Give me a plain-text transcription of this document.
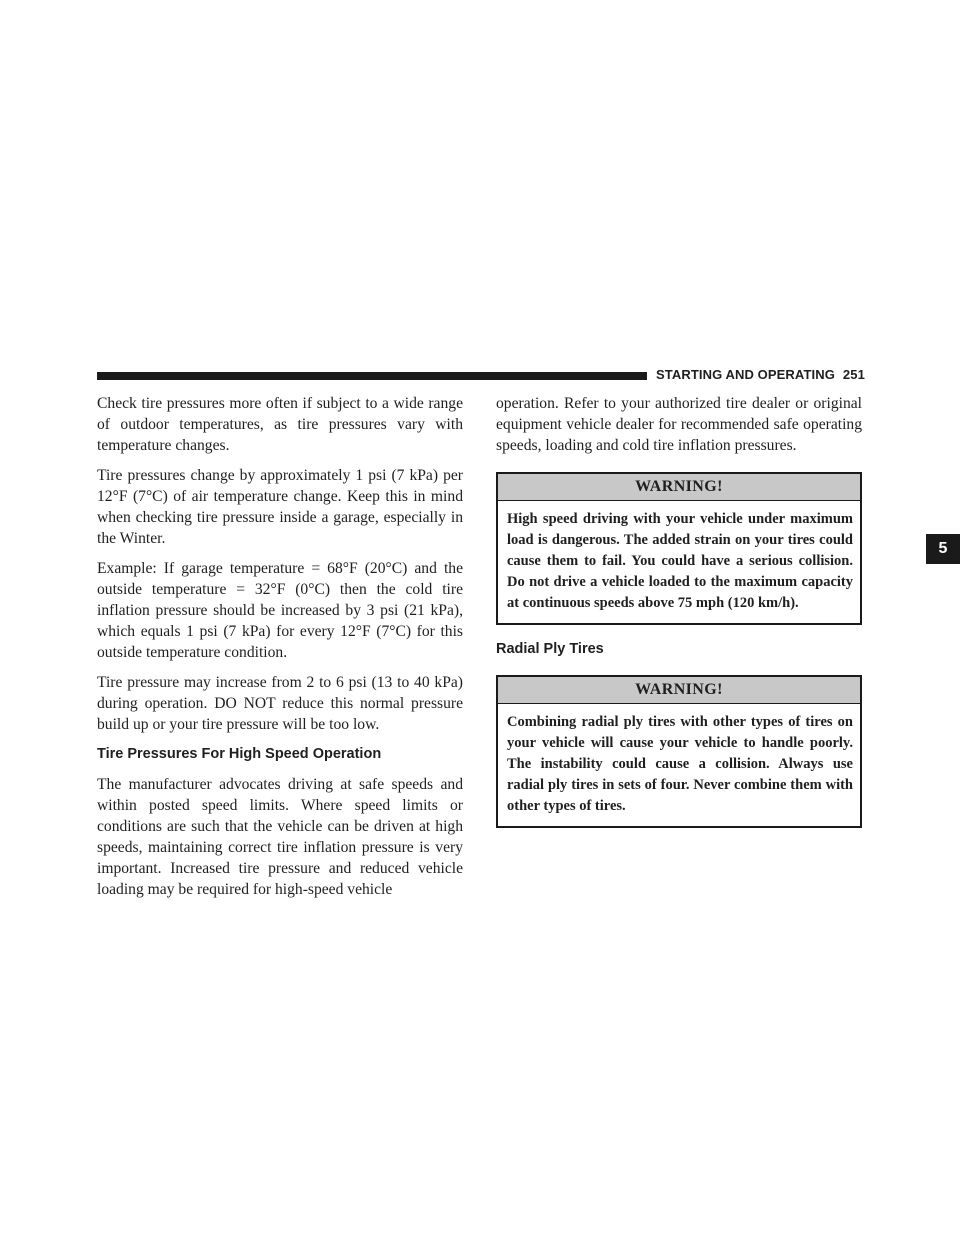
STARTING AND OPERATING 251
5

Check tire pressures more often if subject to a wide range of outdoor temperatures, as tire pressures vary with temperature changes.

Tire pressures change by approximately 1 psi (7 kPa) per 12°F (7°C) of air temperature change. Keep this in mind when checking tire pressure inside a garage, especially in the Winter.

Example: If garage temperature = 68°F (20°C) and the outside temperature = 32°F (0°C) then the cold tire inflation pressure should be increased by 3 psi (21 kPa), which equals 1 psi (7 kPa) for every 12°F (7°C) for this outside temperature condition.

Tire pressure may increase from 2 to 6 psi (13 to 40 kPa) during operation. DO NOT reduce this normal pressure build up or your tire pressure will be too low.

Tire Pressures For High Speed Operation

The manufacturer advocates driving at safe speeds and within posted speed limits. Where speed limits or conditions are such that the vehicle can be driven at high speeds, maintaining correct tire inflation pressure is very important. Increased tire pressure and reduced vehicle loading may be required for high-speed vehicle

operation. Refer to your authorized tire dealer or original equipment vehicle dealer for recommended safe operating speeds, loading and cold tire inflation pressures.

WARNING!
High speed driving with your vehicle under maximum load is dangerous. The added strain on your tires could cause them to fail. You could have a serious collision. Do not drive a vehicle loaded to the maximum capacity at continuous speeds above 75 mph (120 km/h).
Radial Ply Tires
WARNING!
Combining radial ply tires with other types of tires on your vehicle will cause your vehicle to handle poorly. The instability could cause a collision. Always use radial ply tires in sets of four. Never combine them with other types of tires.
